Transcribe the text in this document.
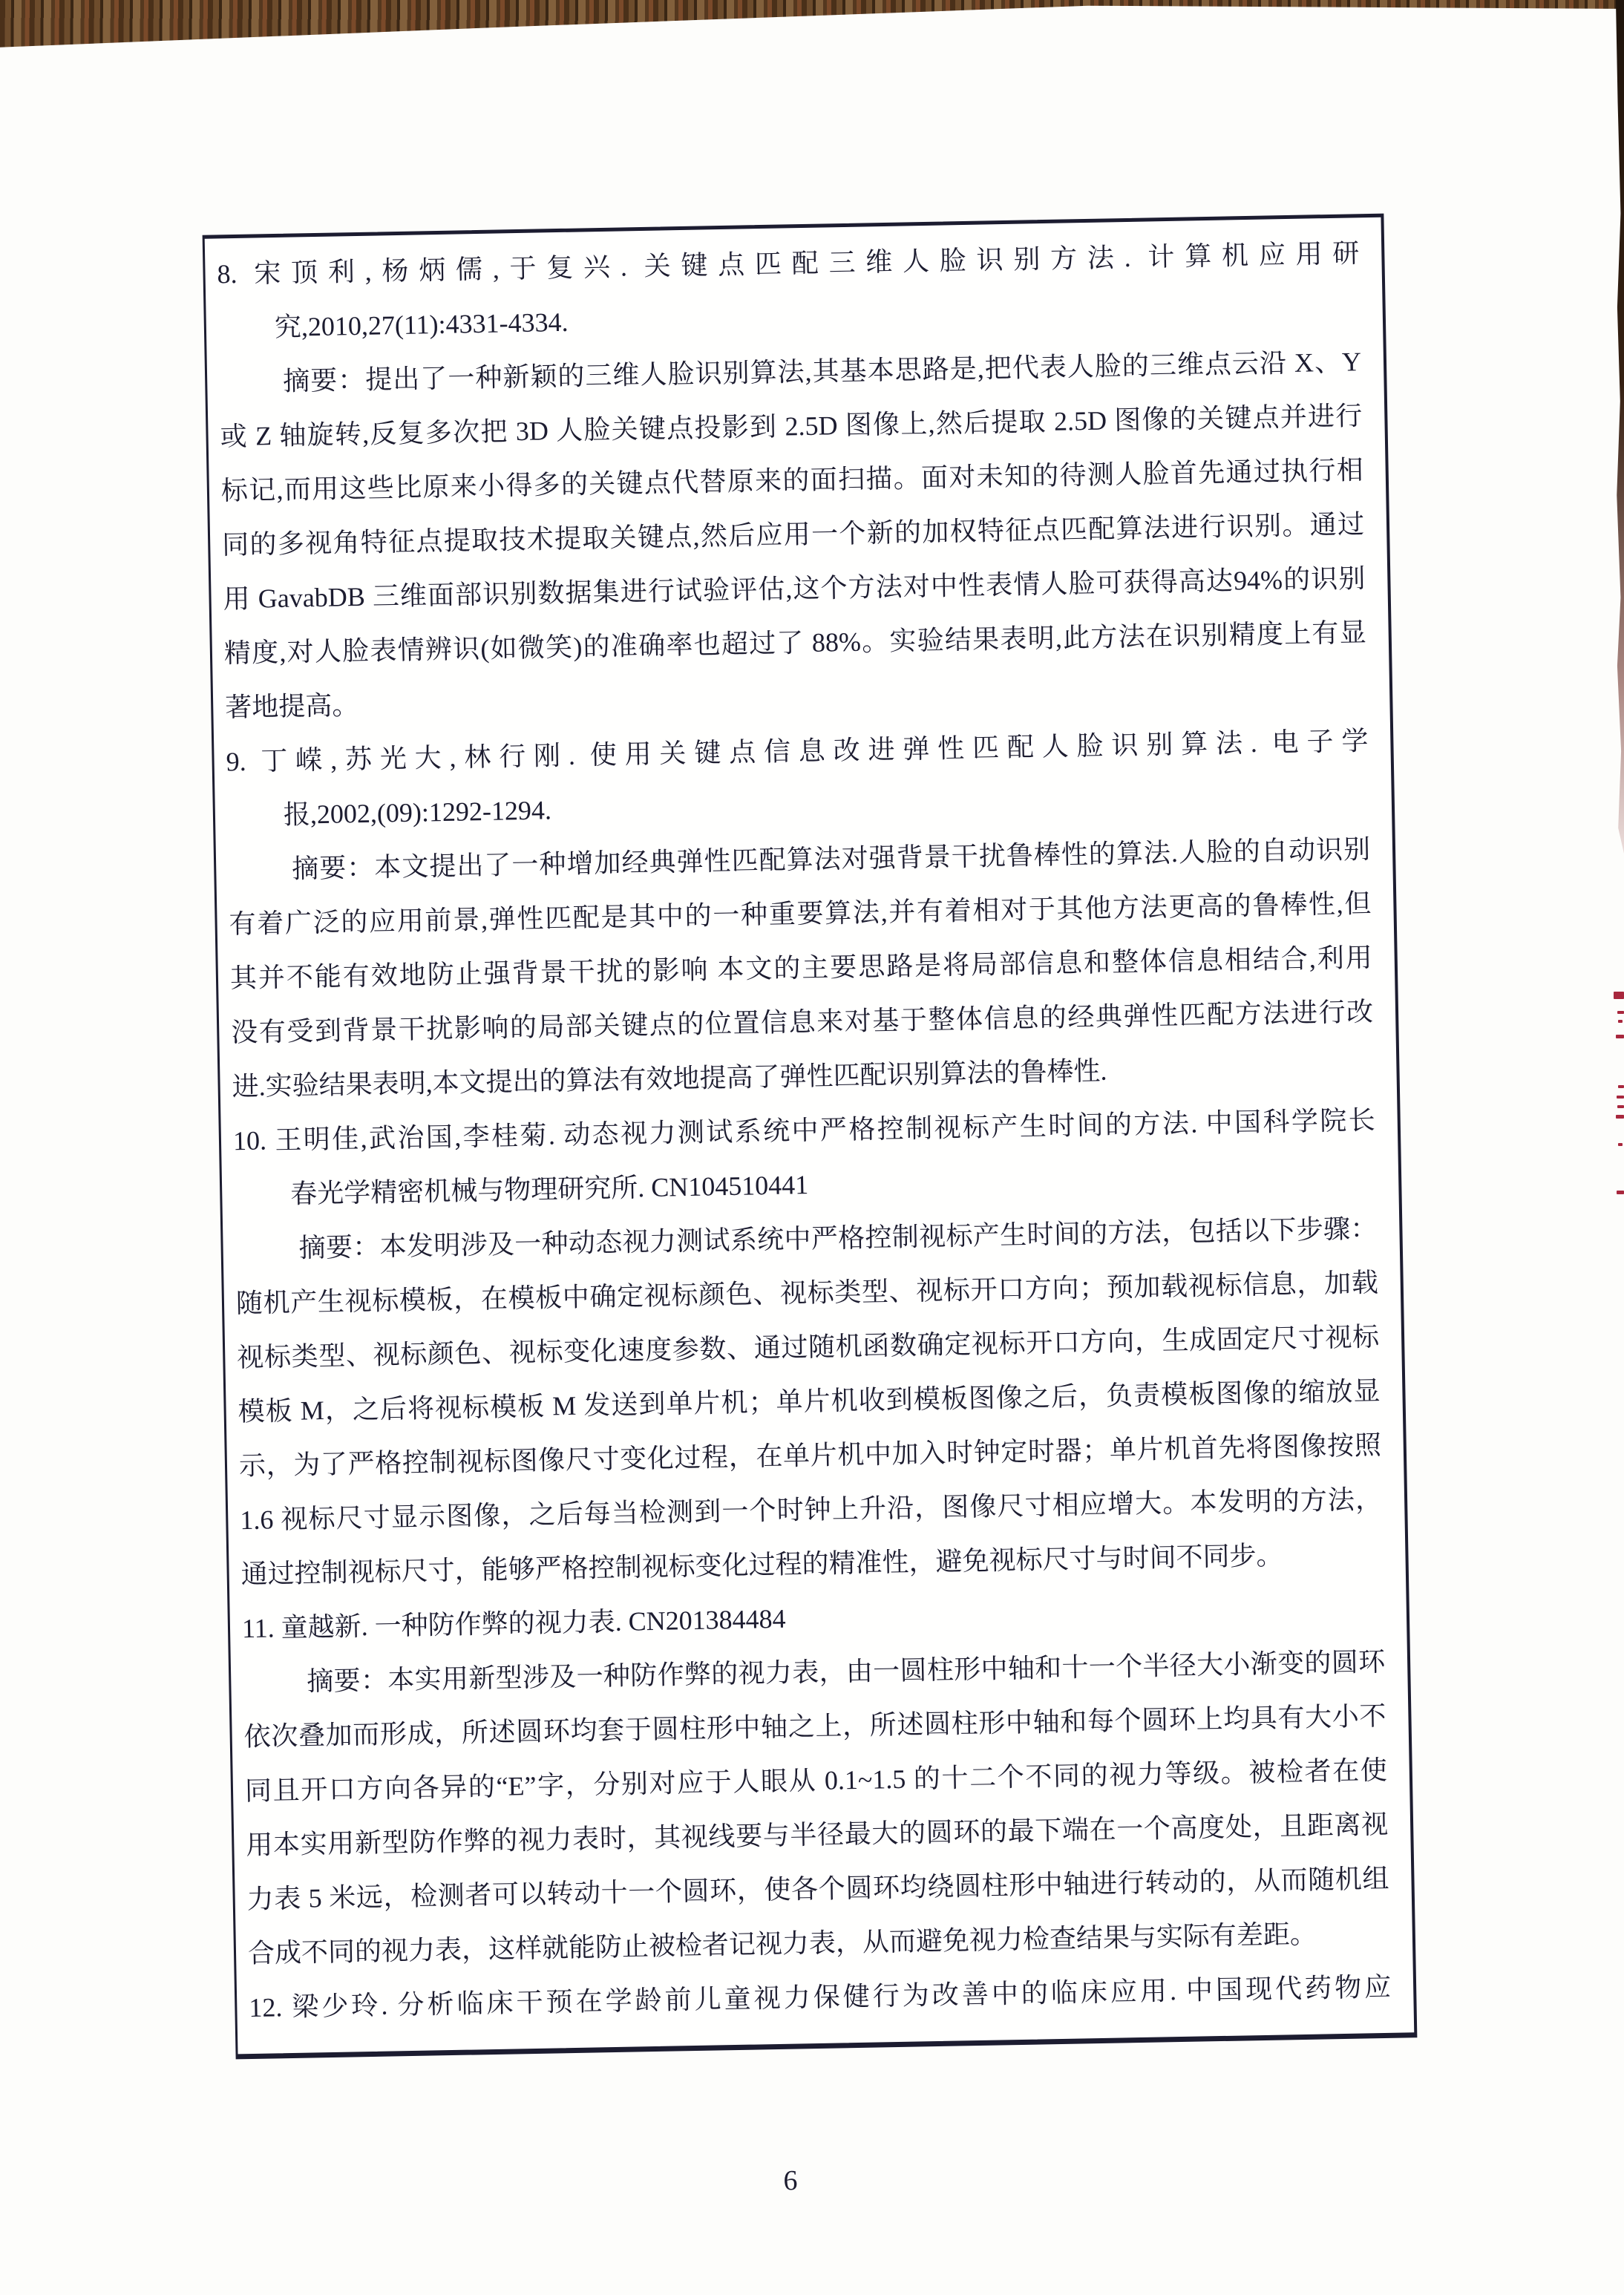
8. 宋顶利,杨炳儒,于复兴. 关键点匹配三维人脸识别方法. 计算机应用研
究,2010,27(11):4331-4334.
摘要：提出了一种新颖的三维人脸识别算法,其基本思路是,把代表人脸的三维点云沿 X、Y
或 Z 轴旋转,反复多次把 3D 人脸关键点投影到 2.5D 图像上,然后提取 2.5D 图像的关键点并进行
标记,而用这些比原来小得多的关键点代替原来的面扫描。面对未知的待测人脸首先通过执行相
同的多视角特征点提取技术提取关键点,然后应用一个新的加权特征点匹配算法进行识别。通过
用 GavabDB 三维面部识别数据集进行试验评估,这个方法对中性表情人脸可获得高达94%的识别
精度,对人脸表情辨识(如微笑)的准确率也超过了 88%。实验结果表明,此方法在识别精度上有显
著地提高。
9. 丁嵘,苏光大,林行刚. 使用关键点信息改进弹性匹配人脸识别算法. 电子学
报,2002,(09):1292-1294.
摘要：本文提出了一种增加经典弹性匹配算法对强背景干扰鲁棒性的算法.人脸的自动识别
有着广泛的应用前景,弹性匹配是其中的一种重要算法,并有着相对于其他方法更高的鲁棒性,但
其并不能有效地防止强背景干扰的影响 本文的主要思路是将局部信息和整体信息相结合,利用
没有受到背景干扰影响的局部关键点的位置信息来对基于整体信息的经典弹性匹配方法进行改
进.实验结果表明,本文提出的算法有效地提高了弹性匹配识别算法的鲁棒性.
10. 王明佳,武治国,李桂菊. 动态视力测试系统中严格控制视标产生时间的方法. 中国科学院长
春光学精密机械与物理研究所. CN104510441
摘要：本发明涉及一种动态视力测试系统中严格控制视标产生时间的方法，包括以下步骤：
随机产生视标模板，在模板中确定视标颜色、视标类型、视标开口方向；预加载视标信息，加载
视标类型、视标颜色、视标变化速度参数、通过随机函数确定视标开口方向，生成固定尺寸视标
模板 M，之后将视标模板 M 发送到单片机；单片机收到模板图像之后，负责模板图像的缩放显
示，为了严格控制视标图像尺寸变化过程，在单片机中加入时钟定时器；单片机首先将图像按照
1.6 视标尺寸显示图像，之后每当检测到一个时钟上升沿，图像尺寸相应增大。本发明的方法，
通过控制视标尺寸，能够严格控制视标变化过程的精准性，避免视标尺寸与时间不同步。
11. 童越新. 一种防作弊的视力表. CN201384484
摘要：本实用新型涉及一种防作弊的视力表，由一圆柱形中轴和十一个半径大小渐变的圆环
依次叠加而形成，所述圆环均套于圆柱形中轴之上，所述圆柱形中轴和每个圆环上均具有大小不
同且开口方向各异的“E”字，分别对应于人眼从 0.1~1.5 的十二个不同的视力等级。被检者在使
用本实用新型防作弊的视力表时，其视线要与半径最大的圆环的最下端在一个高度处，且距离视
力表 5 米远，检测者可以转动十一个圆环，使各个圆环均绕圆柱形中轴进行转动的，从而随机组
合成不同的视力表，这样就能防止被检者记视力表，从而避免视力检查结果与实际有差距。
12. 梁少玲. 分析临床干预在学龄前儿童视力保健行为改善中的临床应用. 中国现代药物应
6
